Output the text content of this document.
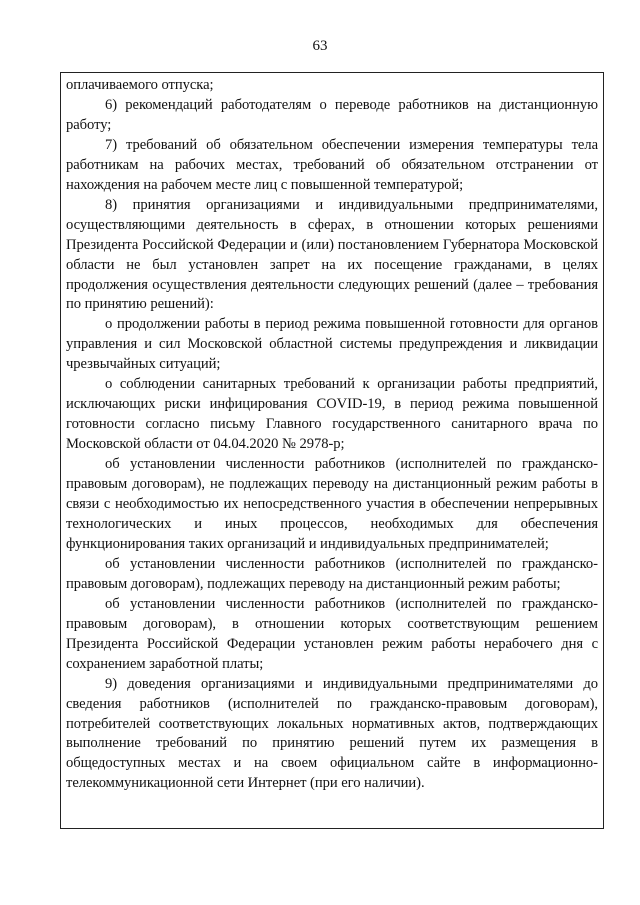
63

оплачиваемого отпуска;

6) рекомендаций работодателям о переводе работников на дистанционную работу;

7) требований об обязательном обеспечении измерения температуры тела работникам на рабочих местах, требований об обязательном отстранении от нахождения на рабочем месте лиц с повышенной температурой;

8) принятия организациями и индивидуальными предпринимателями, осуществляющими деятельность в сферах, в отношении которых решениями Президента Российской Федерации и (или) постановлением Губернатора Московской области не был установлен запрет на их посещение гражданами, в целях продолжения осуществления деятельности следующих решений (далее – требования по принятию решений):

о продолжении работы в период режима повышенной готовности для органов управления и сил Московской областной системы предупреждения и ликвидации чрезвычайных ситуаций;

о соблюдении санитарных требований к организации работы предприятий, исключающих риски инфицирования COVID-19, в период режима повышенной готовности согласно письму Главного государственного санитарного врача по Московской области от 04.04.2020 № 2978-р;

об установлении численности работников (исполнителей по гражданско-правовым договорам), не подлежащих переводу на дистанционный режим работы в связи с необходимостью их непосредственного участия в обеспечении непрерывных технологических и иных процессов, необходимых для обеспечения функционирования таких организаций и индивидуальных предпринимателей;

об установлении численности работников (исполнителей по гражданско-правовым договорам), подлежащих переводу на дистанционный режим работы;

об установлении численности работников (исполнителей по гражданско-правовым договорам), в отношении которых соответствующим решением Президента Российской Федерации установлен режим работы нерабочего дня с сохранением заработной платы;

9) доведения организациями и индивидуальными предпринимателями до сведения работников (исполнителей по гражданско-правовым договорам), потребителей соответствующих локальных нормативных актов, подтверждающих выполнение требований по принятию решений путем их размещения в общедоступных местах и на своем официальном сайте в информационно-телекоммуникационной сети Интернет (при его наличии).
